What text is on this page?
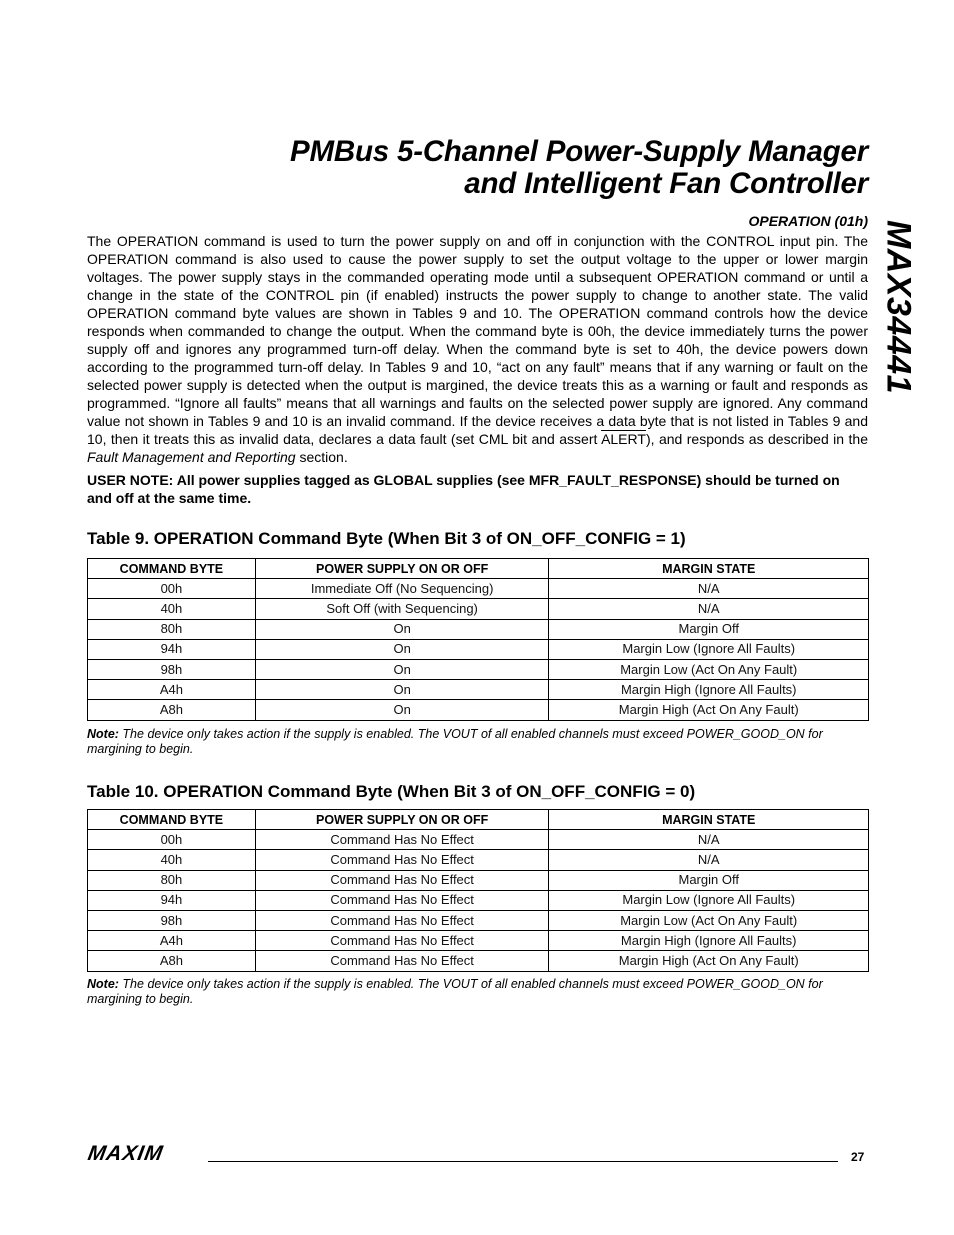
PMBus 5-Channel Power-Supply Manager
and Intelligent Fan Controller
MAX34441
OPERATION (01h)

The OPERATION command is used to turn the power supply on and off in conjunction with the CONTROL input pin. The OPERATION command is also used to cause the power supply to set the output voltage to the upper or lower margin voltages. The power supply stays in the commanded operating mode until a subsequent OPERATION command or until a change in the state of the CONTROL pin (if enabled) instructs the power supply to change to another state. The valid OPERATION command byte values are shown in Tables 9 and 10. The OPERATION command controls how the device responds when commanded to change the output. When the command byte is 00h, the device immediately turns the power supply off and ignores any programmed turn-off delay. When the command byte is set to 40h, the device powers down according to the programmed turn-off delay. In Tables 9 and 10, “act on any fault” means that if any warning or fault on the selected power supply is detected when the output is margined, the device treats this as a warning or fault and responds as programmed. “Ignore all faults” means that all warnings and faults on the selected power supply are ignored. Any command value not shown in Tables 9 and 10 is an invalid command. If the device receives a data byte that is not listed in Tables 9 and 10, then it treats this as invalid data, declares a data fault (set CML bit and assert ALERT), and responds as described in the Fault Management and Reporting section.

USER NOTE: All power supplies tagged as GLOBAL supplies (see MFR_FAULT_RESPONSE) should be turned on and off at the same time.

Table 9. OPERATION Command Byte (When Bit 3 of ON_OFF_CONFIG = 1)
COMMAND BYTE	POWER SUPPLY ON OR OFF	MARGIN STATE
00h	Immediate Off (No Sequencing)	N/A
40h	Soft Off (with Sequencing)	N/A
80h	On	Margin Off
94h	On	Margin Low (Ignore All Faults)
98h	On	Margin Low (Act On Any Fault)
A4h	On	Margin High (Ignore All Faults)
A8h	On	Margin High (Act On Any Fault)

Note: The device only takes action if the supply is enabled. The VOUT of all enabled channels must exceed POWER_GOOD_ON for margining to begin.

Table 10. OPERATION Command Byte (When Bit 3 of ON_OFF_CONFIG = 0)
COMMAND BYTE	POWER SUPPLY ON OR OFF	MARGIN STATE
00h	Command Has No Effect	N/A
40h	Command Has No Effect	N/A
80h	Command Has No Effect	Margin Off
94h	Command Has No Effect	Margin Low (Ignore All Faults)
98h	Command Has No Effect	Margin Low (Act On Any Fault)
A4h	Command Has No Effect	Margin High (Ignore All Faults)
A8h	Command Has No Effect	Margin High (Act On Any Fault)

Note: The device only takes action if the supply is enabled. The VOUT of all enabled channels must exceed POWER_GOOD_ON for margining to begin.

MAXIM	27
